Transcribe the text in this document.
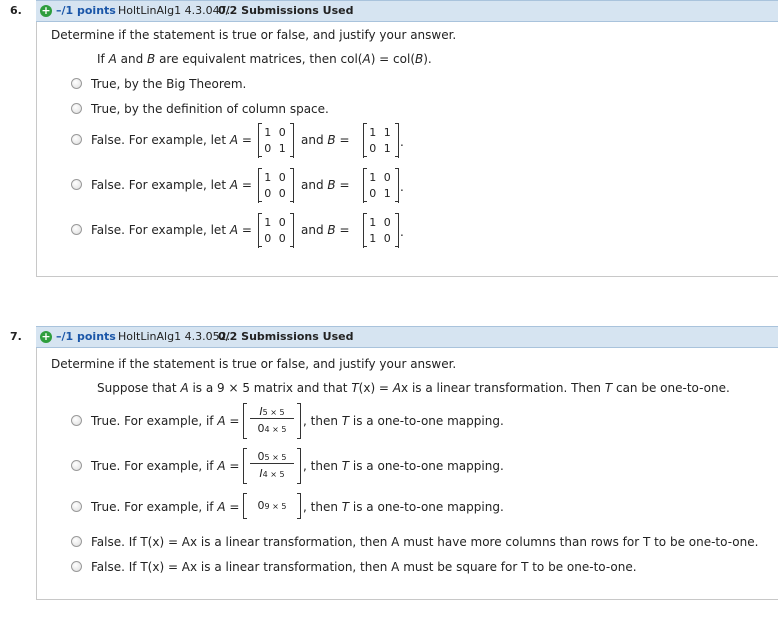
6.	+ –/1 points HoltLinAlg1 4.3.047.
0/2 Submissions Used
Determine if the statement is true or false, and justify your answer.
If A and B are equivalent matrices, then col(A) = col(B).
True, by the Big Theorem.
True, by the definition of column space.
False. For example, let A =
1 0
0 1
and B =
1 1
0 1 .
False. For example, let A =
1 0
0 0
and B =
1 0
0 1 .
False. For example, let A =
1 0
0 0
and B =
1 0
1 0 .
7.	+ –/1 points HoltLinAlg1 4.3.052.
0/2 Submissions Used
Determine if the statement is true or false, and justify your answer.
Suppose that A is a 9 × 5 matrix and that T(x) = Ax is a linear transformation. Then T can be one-to-one.
True. For example, if A =
I5 × 5
04 × 5
, then T is a one-to-one mapping.
True. For example, if A =
05 × 5
I4 × 5
, then T is a one-to-one mapping.
True. For example, if A =	09 × 5	, then T is a one-to-one mapping.
False. If T(x) = Ax is a linear transformation, then A must have more columns than rows for T to be one-to-one.
False. If T(x) = Ax is a linear transformation, then A must be square for T to be one-to-one.
